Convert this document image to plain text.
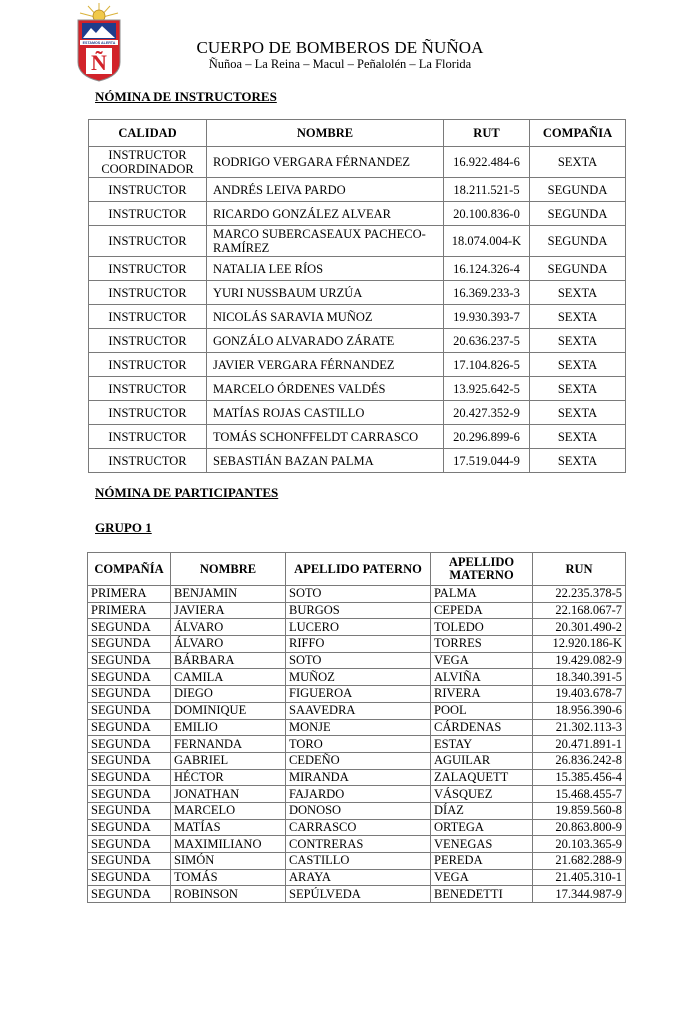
ESTAMOS ALERTA
Ñ
CUERPO DE BOMBEROS DE ÑUÑOA
Ñuñoa – La Reina – Macul – Peñalolén – La Florida
NÓMINA DE INSTRUCTORES
CALIDAD	NOMBRE	RUT	COMPAÑIA
INSTRUCTOR COORDINADOR	RODRIGO VERGARA FÉRNANDEZ	16.922.484-6	SEXTA
INSTRUCTOR	ANDRÉS LEIVA PARDO	18.211.521-5	SEGUNDA
INSTRUCTOR	RICARDO GONZÁLEZ ALVEAR	20.100.836-0	SEGUNDA
INSTRUCTOR	MARCO SUBERCASEAUX PACHECO-RAMÍREZ	18.074.004-K	SEGUNDA
INSTRUCTOR	NATALIA LEE RÍOS	16.124.326-4	SEGUNDA
INSTRUCTOR	YURI NUSSBAUM URZÚA	16.369.233-3	SEXTA
INSTRUCTOR	NICOLÁS SARAVIA MUÑOZ	19.930.393-7	SEXTA
INSTRUCTOR	GONZÁLO ALVARADO ZÁRATE	20.636.237-5	SEXTA
INSTRUCTOR	JAVIER VERGARA FÉRNANDEZ	17.104.826-5	SEXTA
INSTRUCTOR	MARCELO ÓRDENES VALDÉS	13.925.642-5	SEXTA
INSTRUCTOR	MATÍAS ROJAS CASTILLO	20.427.352-9	SEXTA
INSTRUCTOR	TOMÁS SCHONFFELDT CARRASCO	20.296.899-6	SEXTA
INSTRUCTOR	SEBASTIÁN BAZAN PALMA	17.519.044-9	SEXTA
NÓMINA DE PARTICIPANTES
GRUPO 1
COMPAÑÍA	NOMBRE	APELLIDO PATERNO	APELLIDO MATERNO	RUN
PRIMERA	BENJAMIN	SOTO	PALMA	22.235.378-5
PRIMERA	JAVIERA	BURGOS	CEPEDA	22.168.067-7
SEGUNDA	ÁLVARO	LUCERO	TOLEDO	20.301.490-2
SEGUNDA	ÁLVARO	RIFFO	TORRES	12.920.186-K
SEGUNDA	BÁRBARA	SOTO	VEGA	19.429.082-9
SEGUNDA	CAMILA	MUÑOZ	ALVIÑA	18.340.391-5
SEGUNDA	DIEGO	FIGUEROA	RIVERA	19.403.678-7
SEGUNDA	DOMINIQUE	SAAVEDRA	POOL	18.956.390-6
SEGUNDA	EMILIO	MONJE	CÁRDENAS	21.302.113-3
SEGUNDA	FERNANDA	TORO	ESTAY	20.471.891-1
SEGUNDA	GABRIEL	CEDEÑO	AGUILAR	26.836.242-8
SEGUNDA	HÉCTOR	MIRANDA	ZALAQUETT	15.385.456-4
SEGUNDA	JONATHAN	FAJARDO	VÁSQUEZ	15.468.455-7
SEGUNDA	MARCELO	DONOSO	DÍAZ	19.859.560-8
SEGUNDA	MATÍAS	CARRASCO	ORTEGA	20.863.800-9
SEGUNDA	MAXIMILIANO	CONTRERAS	VENEGAS	20.103.365-9
SEGUNDA	SIMÓN	CASTILLO	PEREDA	21.682.288-9
SEGUNDA	TOMÁS	ARAYA	VEGA	21.405.310-1
SEGUNDA	ROBINSON	SEPÚLVEDA	BENEDETTI	17.344.987-9
